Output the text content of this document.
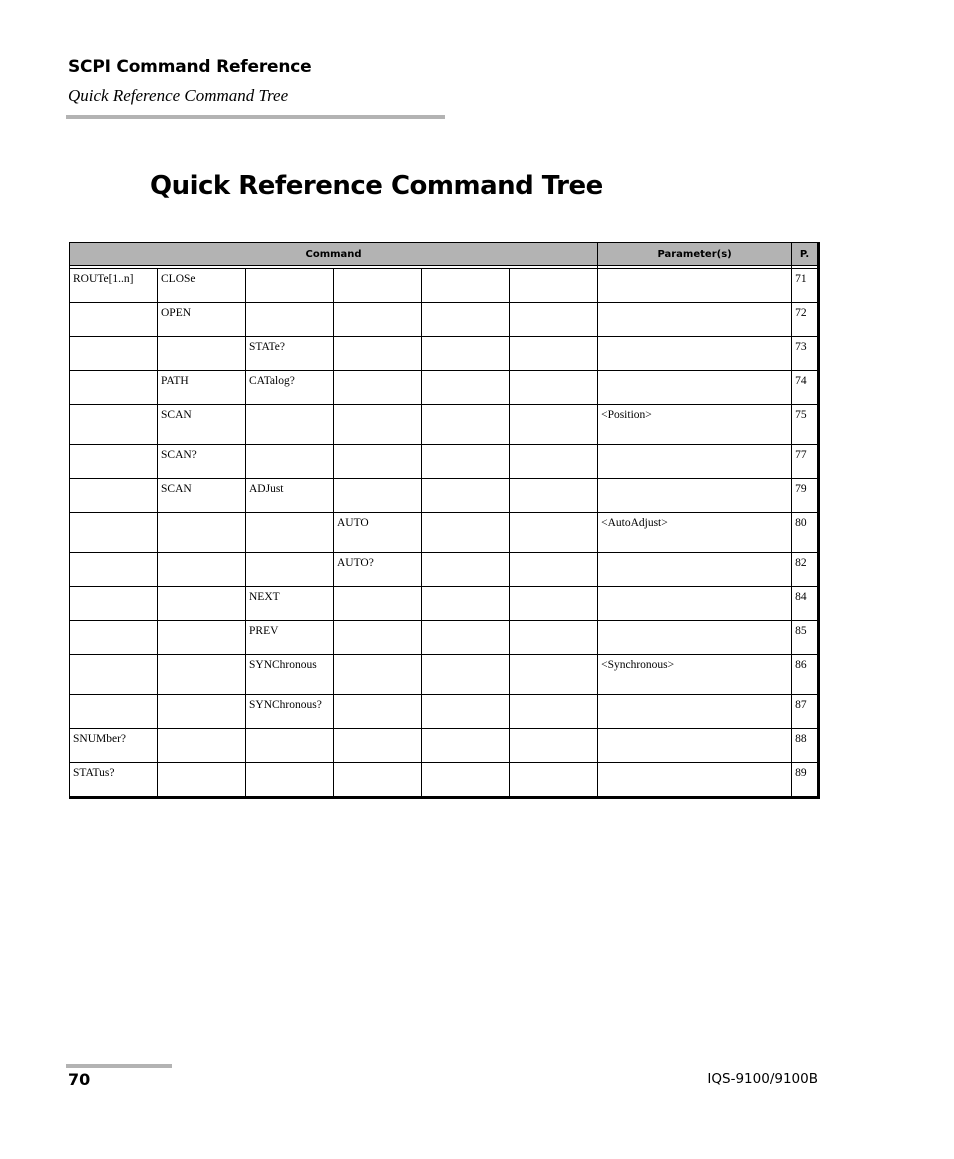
SCPI Command Reference
Quick Reference Command Tree
Quick Reference Command Tree
Command						Parameter(s)	P.

ROUTe[1..n]	CLOSe						71
	OPEN						72
		STATe?					73
	PATH	CATalog?					74
	SCAN					<Position>	75
	SCAN?						77
	SCAN	ADJust					79
			AUTO			<AutoAdjust>	80
			AUTO?				82
		NEXT					84
		PREV					85
		SYNChronous				<Synchronous>	86
		SYNChronous?					87
SNUMber?							88
STATus?							89
70	IQS-9100/9100B
